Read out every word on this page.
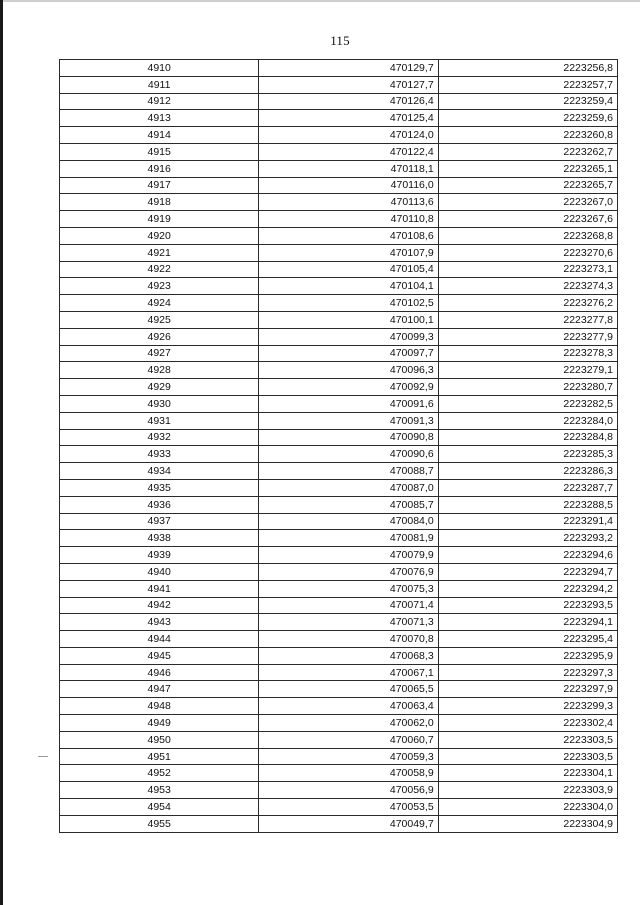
115
4910	470129,7	2223256,8
4911	470127,7	2223257,7
4912	470126,4	2223259,4
4913	470125,4	2223259,6
4914	470124,0	2223260,8
4915	470122,4	2223262,7
4916	470118,1	2223265,1
4917	470116,0	2223265,7
4918	470113,6	2223267,0
4919	470110,8	2223267,6
4920	470108,6	2223268,8
4921	470107,9	2223270,6
4922	470105,4	2223273,1
4923	470104,1	2223274,3
4924	470102,5	2223276,2
4925	470100,1	2223277,8
4926	470099,3	2223277,9
4927	470097,7	2223278,3
4928	470096,3	2223279,1
4929	470092,9	2223280,7
4930	470091,6	2223282,5
4931	470091,3	2223284,0
4932	470090,8	2223284,8
4933	470090,6	2223285,3
4934	470088,7	2223286,3
4935	470087,0	2223287,7
4936	470085,7	2223288,5
4937	470084,0	2223291,4
4938	470081,9	2223293,2
4939	470079,9	2223294,6
4940	470076,9	2223294,7
4941	470075,3	2223294,2
4942	470071,4	2223293,5
4943	470071,3	2223294,1
4944	470070,8	2223295,4
4945	470068,3	2223295,9
4946	470067,1	2223297,3
4947	470065,5	2223297,9
4948	470063,4	2223299,3
4949	470062,0	2223302,4
4950	470060,7	2223303,5
4951	470059,3	2223303,5
4952	470058,9	2223304,1
4953	470056,9	2223303,9
4954	470053,5	2223304,0
4955	470049,7	2223304,9
